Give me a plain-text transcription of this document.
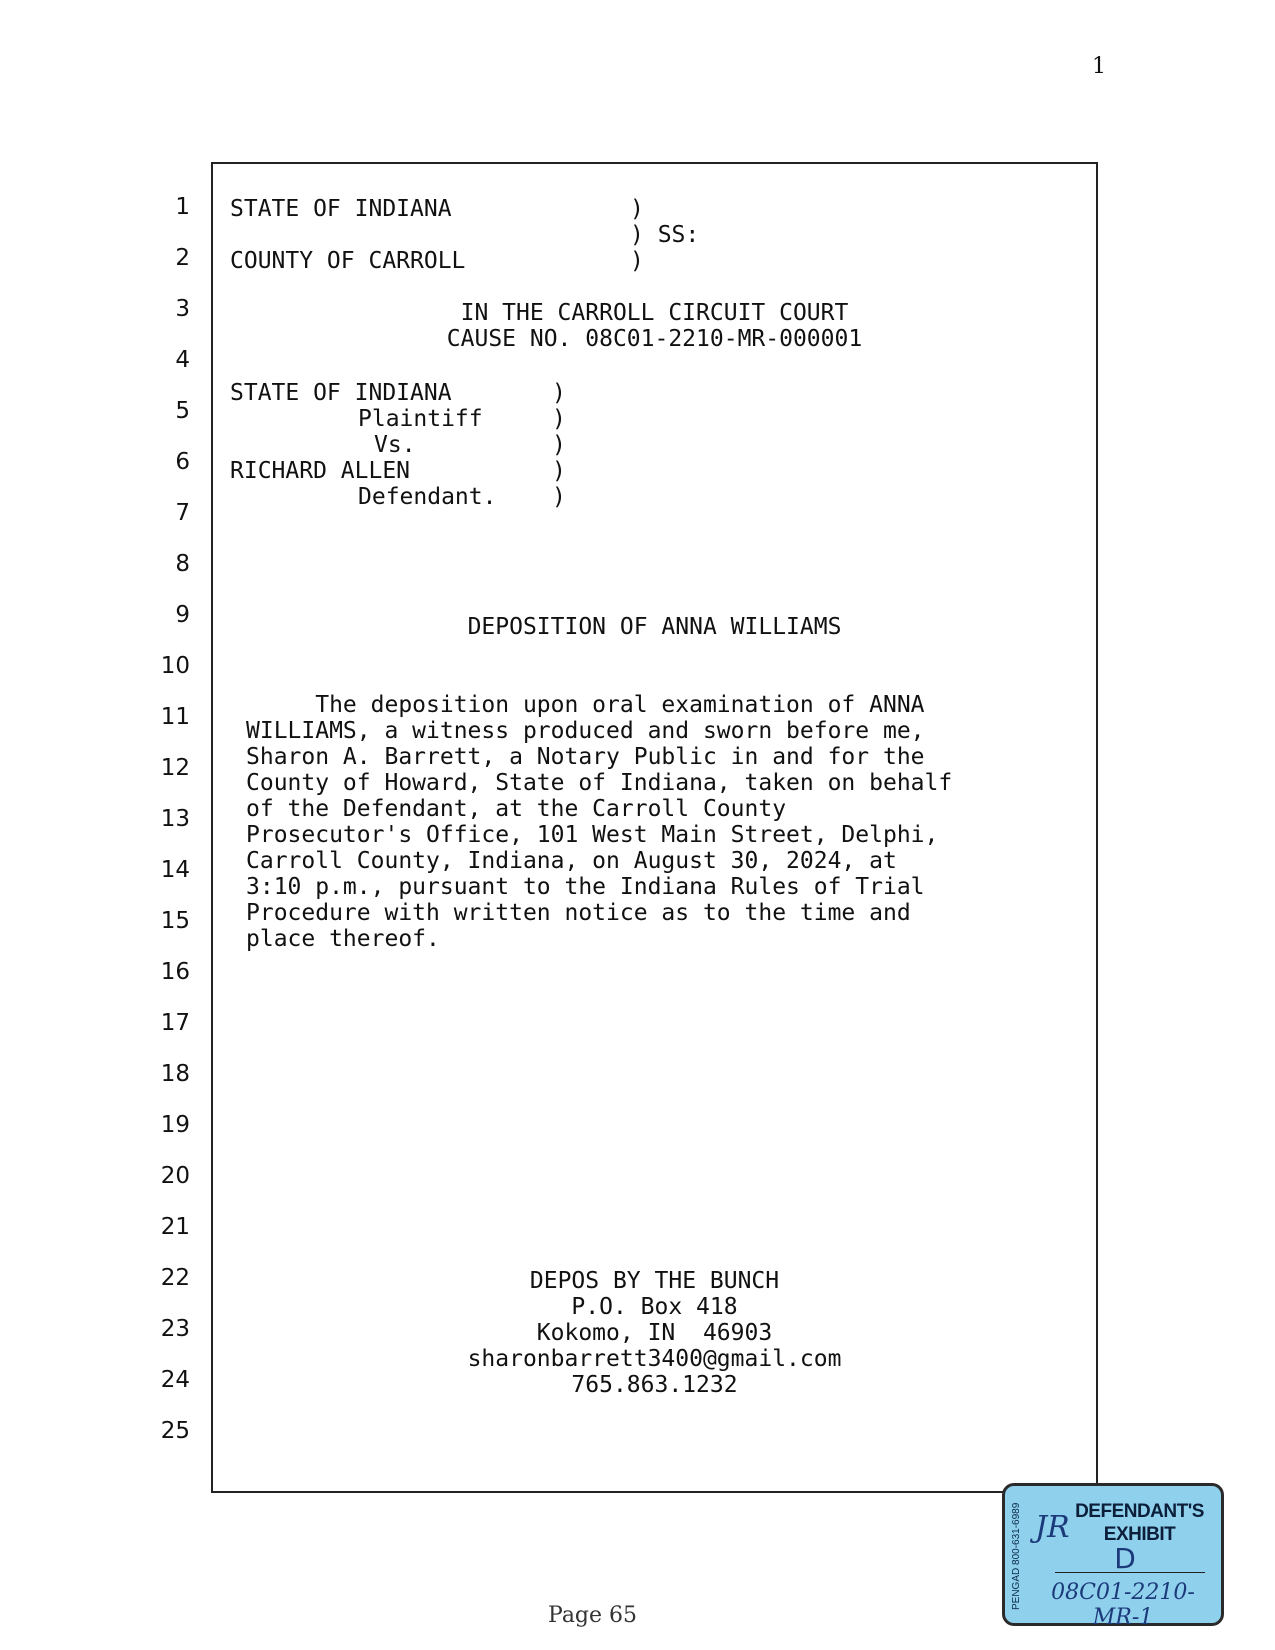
1
1
2
3
4
5
6
7
8
9
10
11
12
13
14
15
16
17
18
19
20
21
22
23
24
25
STATE OF INDIANA	)
) SS:
COUNTY OF CARROLL	)
IN THE CARROLL CIRCUIT COURT
CAUSE NO. 08C01-2210-MR-000001
STATE OF INDIANA
Plaintiff
Vs.
RICHARD ALLEN
Defendant.
)
)
)
)
)
DEPOSITION OF ANNA WILLIAMS
The deposition upon oral examination of ANNA
WILLIAMS, a witness produced and sworn before me,
Sharon A. Barrett, a Notary Public in and for the
County of Howard, State of Indiana, taken on behalf
of the Defendant, at the Carroll County
Prosecutor's Office, 101 West Main Street, Delphi,
Carroll County, Indiana, on August 30, 2024, at
3:10 p.m., pursuant to the Indiana Rules of Trial
Procedure with written notice as to the time and
place thereof.
DEPOS BY THE BUNCH
P.O. Box 418
Kokomo, IN  46903
sharonbarrett3400@gmail.com
765.863.1232
Page 65
PENGAD 800-631-6989 JR DEFENDANT'S
EXHIBIT
D
08C01-2210-MR-1
